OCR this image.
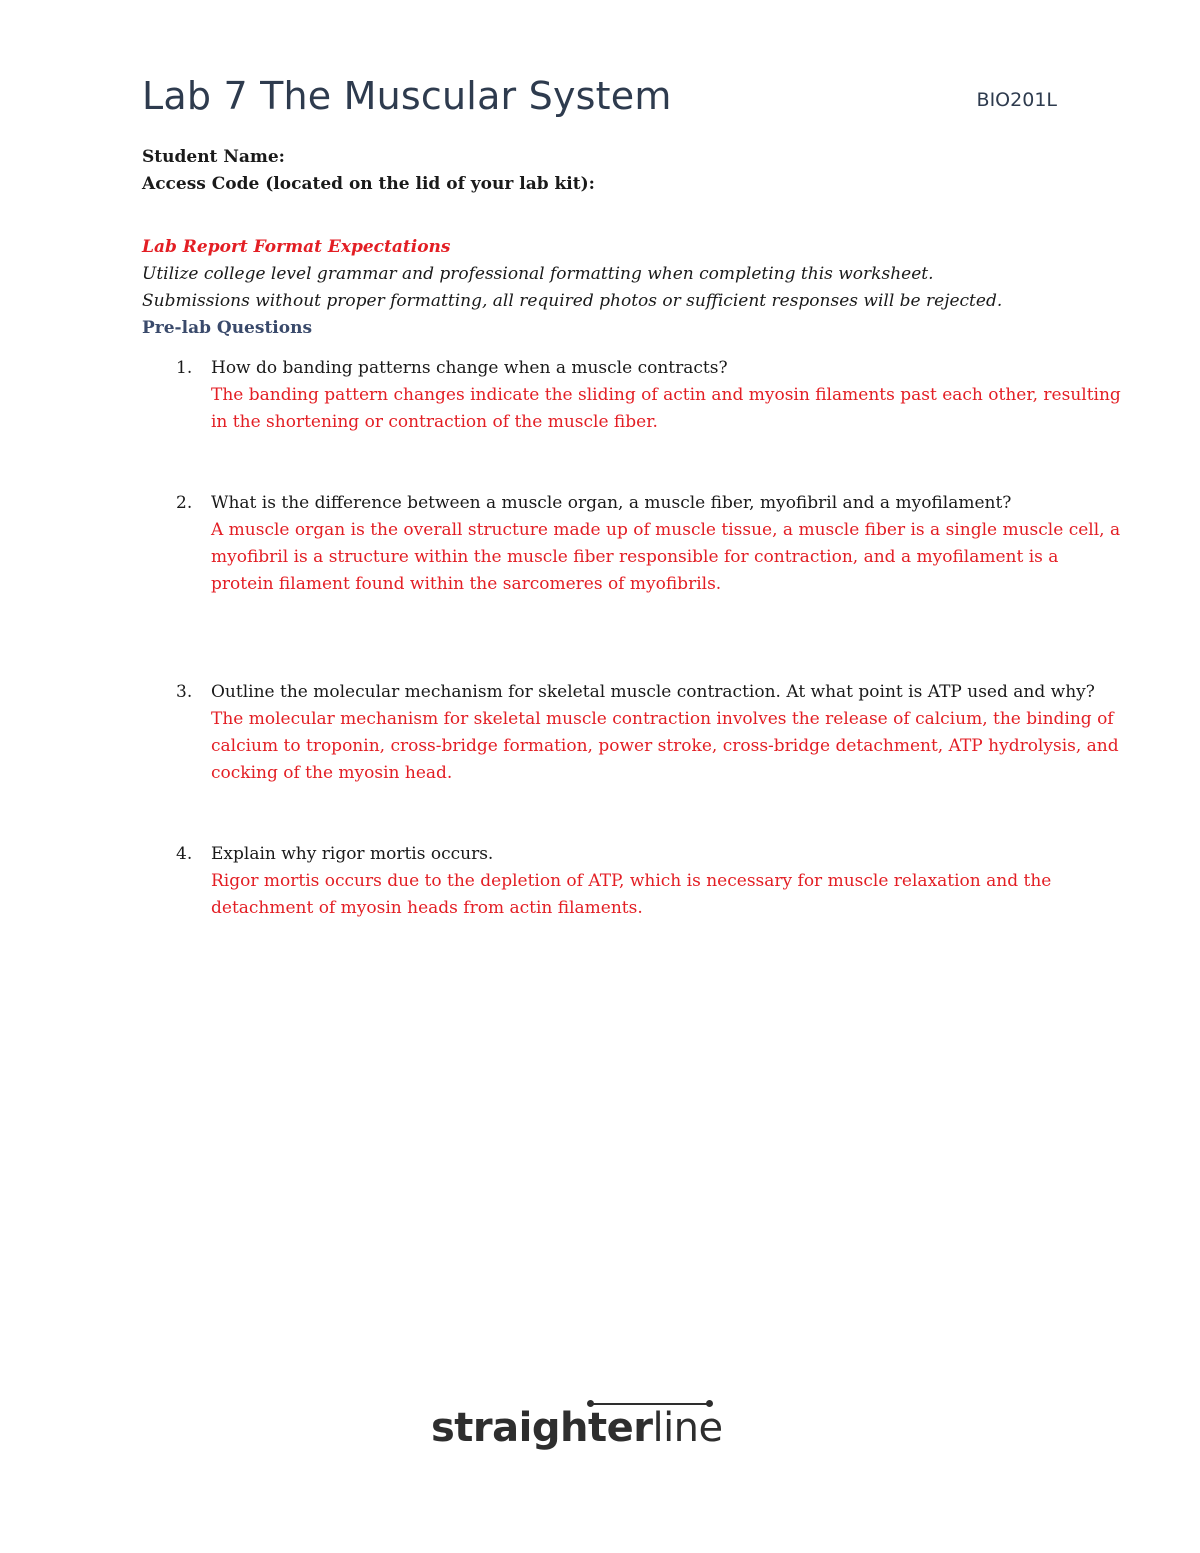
Lab 7 The Muscular System	BIO201L
Student Name:
Access Code (located on the lid of your lab kit):
Lab Report Format Expectations
Utilize college level grammar and professional formatting when completing this worksheet. Submissions without proper formatting, all required photos or sufficient responses will be rejected. Pre-lab Questions
1. How do banding patterns change when a muscle contracts?
The banding pattern changes indicate the sliding of actin and myosin filaments past each other, resulting in the shortening or contraction of the muscle fiber.
2. What is the difference between a muscle organ, a muscle fiber, myofibril and a myofilament?
A muscle organ is the overall structure made up of muscle tissue, a muscle fiber is a single muscle cell, a myofibril is a structure within the muscle fiber responsible for contraction, and a myofilament is a protein filament found within the sarcomeres of myofibrils.
3. Outline the molecular mechanism for skeletal muscle contraction. At what point is ATP used and why?
The molecular mechanism for skeletal muscle contraction involves the release of calcium, the binding of calcium to troponin, cross-bridge formation, power stroke, cross-bridge detachment, ATP hydrolysis, and cocking of the myosin head.
4. Explain why rigor mortis occurs.
Rigor mortis occurs due to the depletion of ATP, which is necessary for muscle relaxation and the detachment of myosin heads from actin filaments.
straighterline
